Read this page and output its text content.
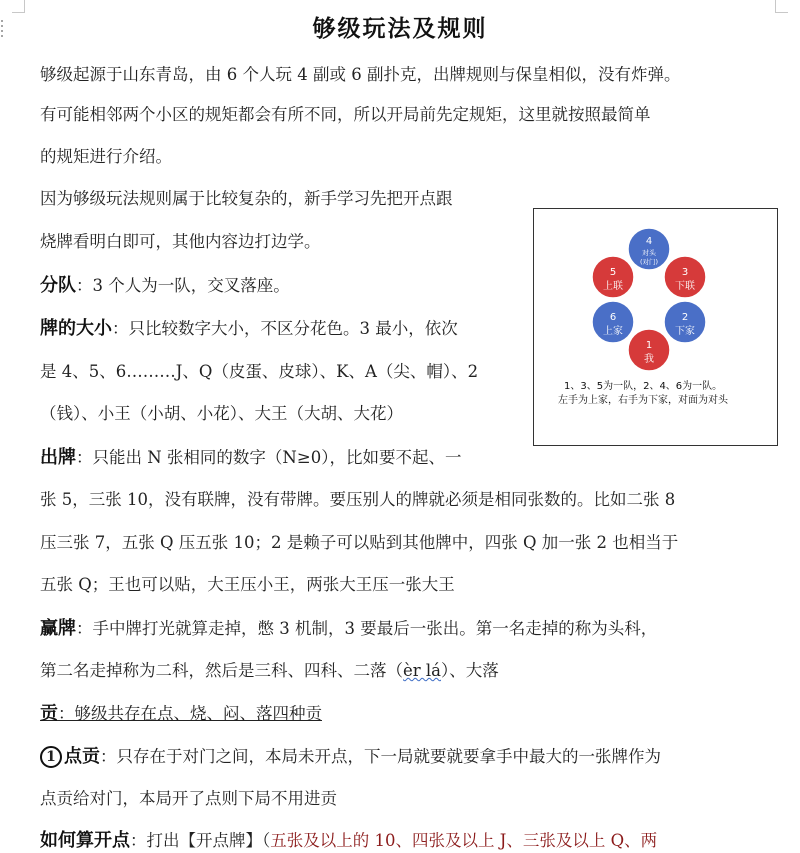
够级玩法及规则
够级起源于山东青岛，由 6 个人玩 4 副或 6 副扑克，出牌规则与保皇相似，没有炸弹。
有可能相邻两个小区的规矩都会有所不同，所以开局前先定规矩，这里就按照最简单
的规矩进行介绍。
因为够级玩法规则属于比较复杂的，新手学习先把开点跟
烧牌看明白即可，其他内容边打边学。
分队：3 个人为一队，交叉落座。
牌的大小：只比较数字大小，不区分花色。3 最小，依次
是 4、5、6………J、Q（皮蛋、皮球）、K、A（尖、帽）、2
（钱）、小王（小胡、小花）、大王（大胡、大花）
出牌：只能出 N 张相同的数字（N≥0），比如要不起、一
张 5，三张 10，没有联牌，没有带牌。要压别人的牌就必须是相同张数的。比如二张 8
压三张 7，五张 Q 压五张 10；2 是赖子可以贴到其他牌中，四张 Q 加一张 2 也相当于
五张 Q；王也可以贴，大王压小王，两张大王压一张大王
赢牌：手中牌打光就算走掉，憋 3 机制，3 要最后一张出。第一名走掉的称为头科，
第二名走掉称为二科，然后是三科、四科、二落（èr lá）、大落
贡：够级共存在点、烧、闷、落四种贡
1 点贡：只存在于对门之间，本局未开点，下一局就要就要拿手中最大的一张牌作为
点贡给对门，本局开了点则下局不用进贡
如何算开点：打出【开点牌】（五张及以上的 10、四张及以上 J、三张及以上 Q、两
4
对头
(对门)
3
下联
2
下家
6
上家
5
上联
1
我
1、3、5为一队，2、4、6为一队。
左手为上家，右手为下家，对面为对头
